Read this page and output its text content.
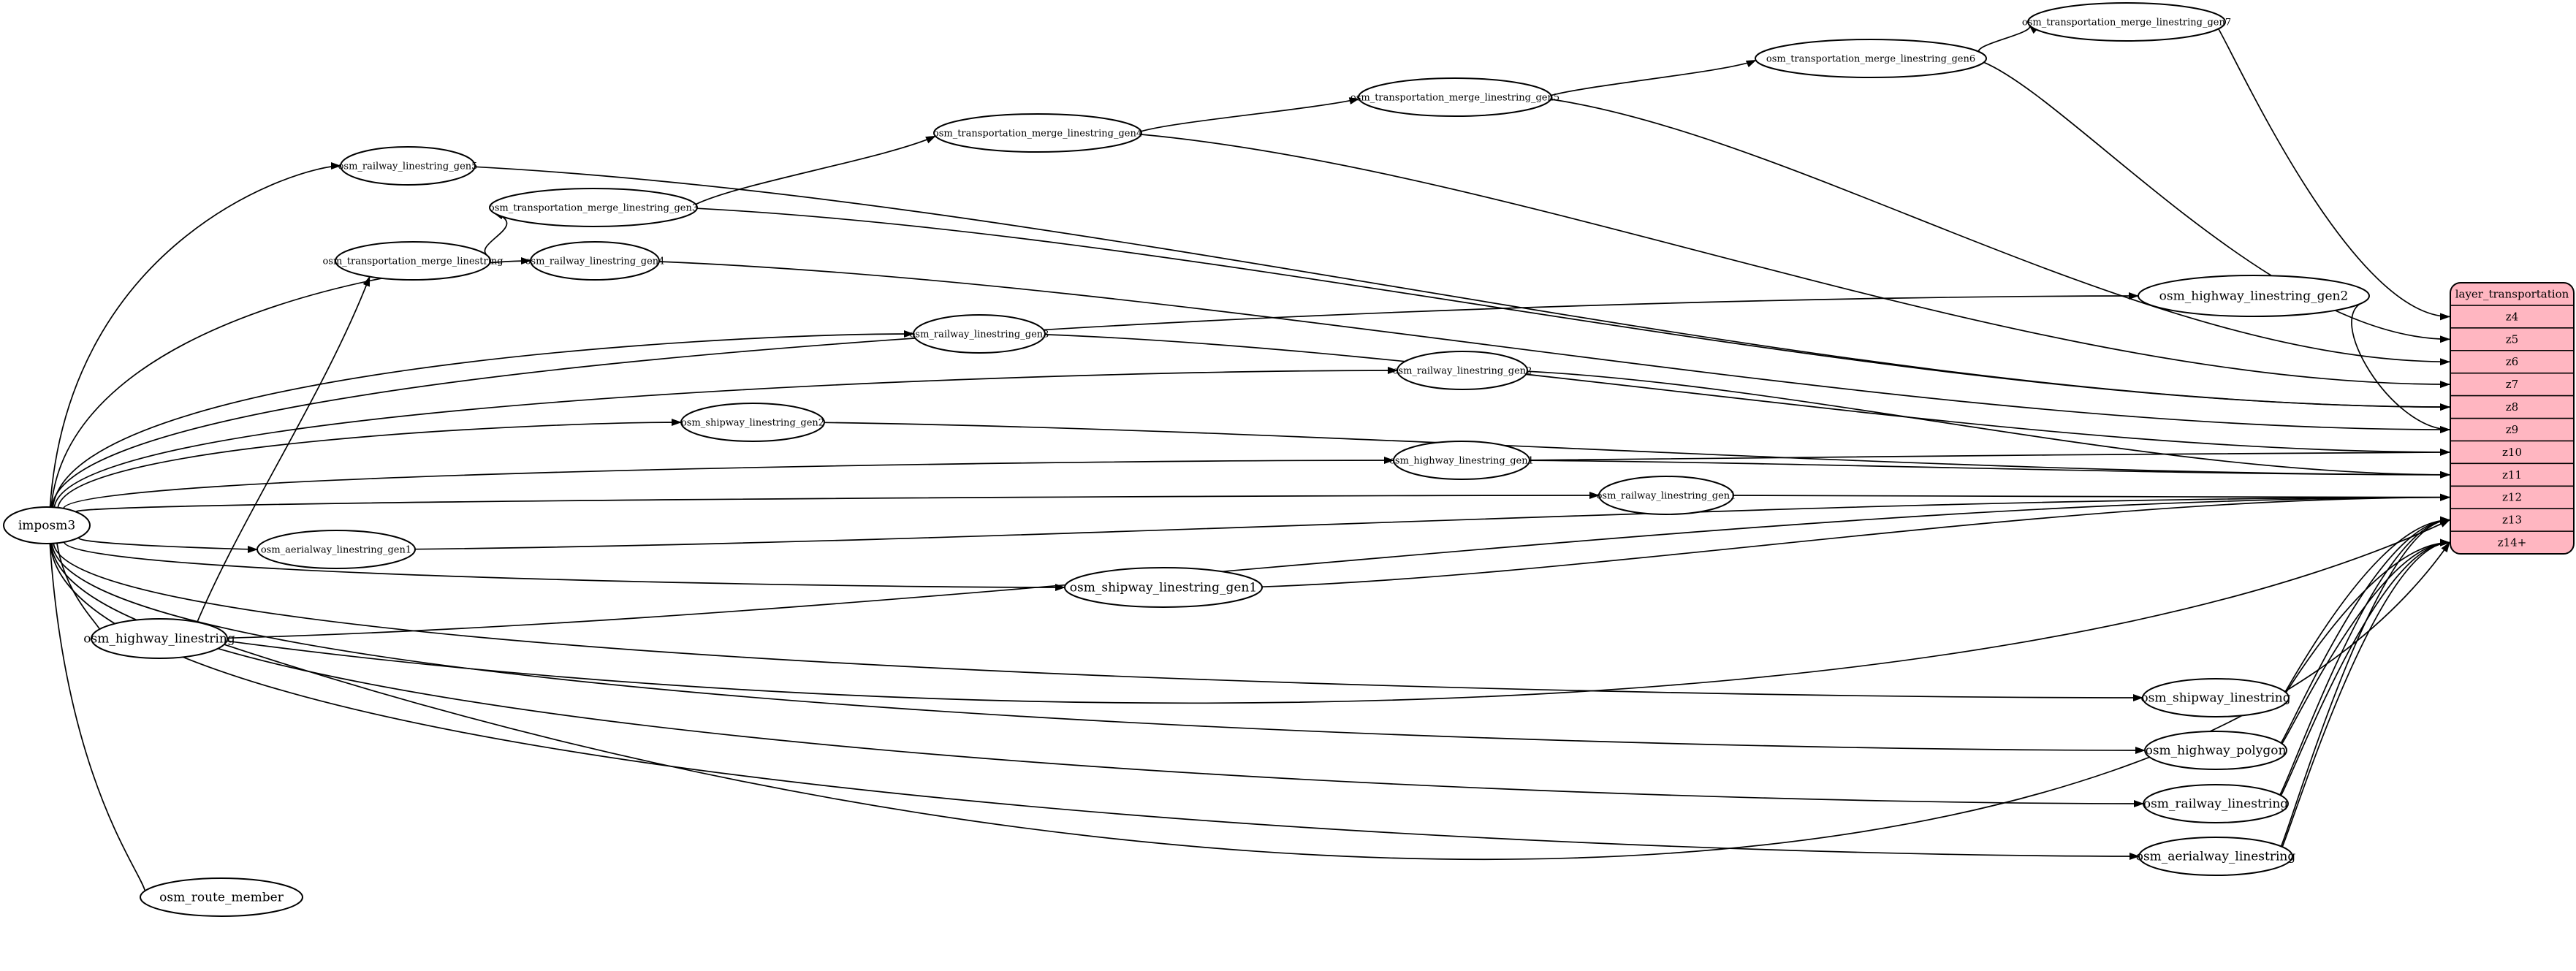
imposm3
osm_railway_linestring_gen5
osm_transportation_merge_linestring_gen3
osm_transportation_merge_linestring osm_railway_linestring_gen4
osm_transportation_merge_linestring_gen4
osm_transportation_merge_linestring_gen5
osm_transportation_merge_linestring_gen6
osm_transportation_merge_linestring_gen7
osm_railway_linestring_gen3
osm_railway_linestring_gen2
osm_shipway_linestring_gen2
osm_highway_linestring_gen1
osm_highway_linestring_gen2
osm_railway_linestring_gen1
osm_aerialway_linestring_gen1
osm_shipway_linestring_gen1
osm_highway_linestring
osm_shipway_linestring
osm_highway_polygon
osm_railway_linestring
osm_aerialway_linestring
osm_route_member
layer_transportation
z4
z5
z6
z7
z8
z9
z10
z11
z12
z13
z14+
